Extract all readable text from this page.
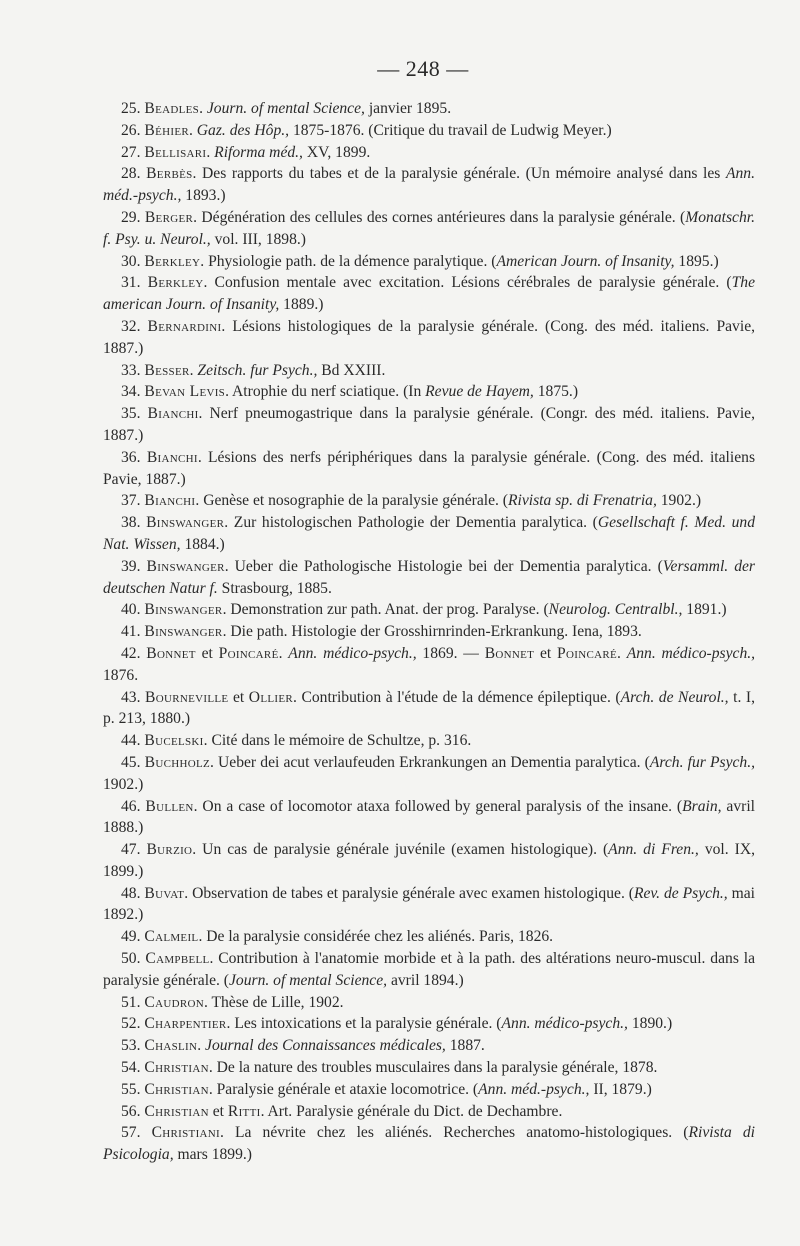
— 248 —

25. Beadles. Journ. of mental Science, janvier 1895.

26. Béhier. Gaz. des Hôp., 1875-1876. (Critique du travail de Ludwig Meyer.)

27. Bellisari. Riforma méd., XV, 1899.

28. Berbès. Des rapports du tabes et de la paralysie générale. (Un mémoire analysé dans les Ann. méd.-psych., 1893.)

29. Berger. Dégénération des cellules des cornes antérieures dans la paralysie générale. (Monatschr. f. Psy. u. Neurol., vol. III, 1898.)

30. Berkley. Physiologie path. de la démence paralytique. (American Journ. of Insanity, 1895.)

31. Berkley. Confusion mentale avec excitation. Lésions cérébrales de paralysie générale. (The american Journ. of Insanity, 1889.)

32. Bernardini. Lésions histologiques de la paralysie générale. (Cong. des méd. italiens. Pavie, 1887.)

33. Besser. Zeitsch. fur Psych., Bd XXIII.

34. Bevan Levis. Atrophie du nerf sciatique. (In Revue de Hayem, 1875.)

35. Bianchi. Nerf pneumogastrique dans la paralysie générale. (Congr. des méd. italiens. Pavie, 1887.)

36. Bianchi. Lésions des nerfs périphériques dans la paralysie générale. (Cong. des méd. italiens Pavie, 1887.)

37. Bianchi. Genèse et nosographie de la paralysie générale. (Rivista sp. di Frenatria, 1902.)

38. Binswanger. Zur histologischen Pathologie der Dementia paralytica. (Gesellschaft f. Med. und Nat. Wissen, 1884.)

39. Binswanger. Ueber die Pathologische Histologie bei der Dementia paralytica. (Versamml. der deutschen Natur f. Strasbourg, 1885.

40. Binswanger. Demonstration zur path. Anat. der prog. Paralyse. (Neurolog. Centralbl., 1891.)

41. Binswanger. Die path. Histologie der Grosshirnrinden-Erkrankung. Iena, 1893.

42. Bonnet et Poincaré. Ann. médico-psych., 1869. — Bonnet et Poincaré. Ann. médico-psych., 1876.

43. Bourneville et Ollier. Contribution à l'étude de la démence épileptique. (Arch. de Neurol., t. I, p. 213, 1880.)

44. Bucelski. Cité dans le mémoire de Schultze, p. 316.

45. Buchholz. Ueber dei acut verlaufeuden Erkrankungen an Dementia paralytica. (Arch. fur Psych., 1902.)

46. Bullen. On a case of locomotor ataxa followed by general paralysis of the insane. (Brain, avril 1888.)

47. Burzio. Un cas de paralysie générale juvénile (examen histologique). (Ann. di Fren., vol. IX, 1899.)

48. Buvat. Observation de tabes et paralysie générale avec examen histologique. (Rev. de Psych., mai 1892.)

49. Calmeil. De la paralysie considérée chez les aliénés. Paris, 1826.

50. Campbell. Contribution à l'anatomie morbide et à la path. des altérations neuro-muscul. dans la paralysie générale. (Journ. of mental Science, avril 1894.)

51. Caudron. Thèse de Lille, 1902.

52. Charpentier. Les intoxications et la paralysie générale. (Ann. médico-psych., 1890.)

53. Chaslin. Journal des Connaissances médicales, 1887.

54. Christian. De la nature des troubles musculaires dans la paralysie générale, 1878.

55. Christian. Paralysie générale et ataxie locomotrice. (Ann. méd.-psych., II, 1879.)

56. Christian et Ritti. Art. Paralysie générale du Dict. de Dechambre.

57. Christiani. La névrite chez les aliénés. Recherches anatomo-histologiques. (Rivista di Psicologia, mars 1899.)
